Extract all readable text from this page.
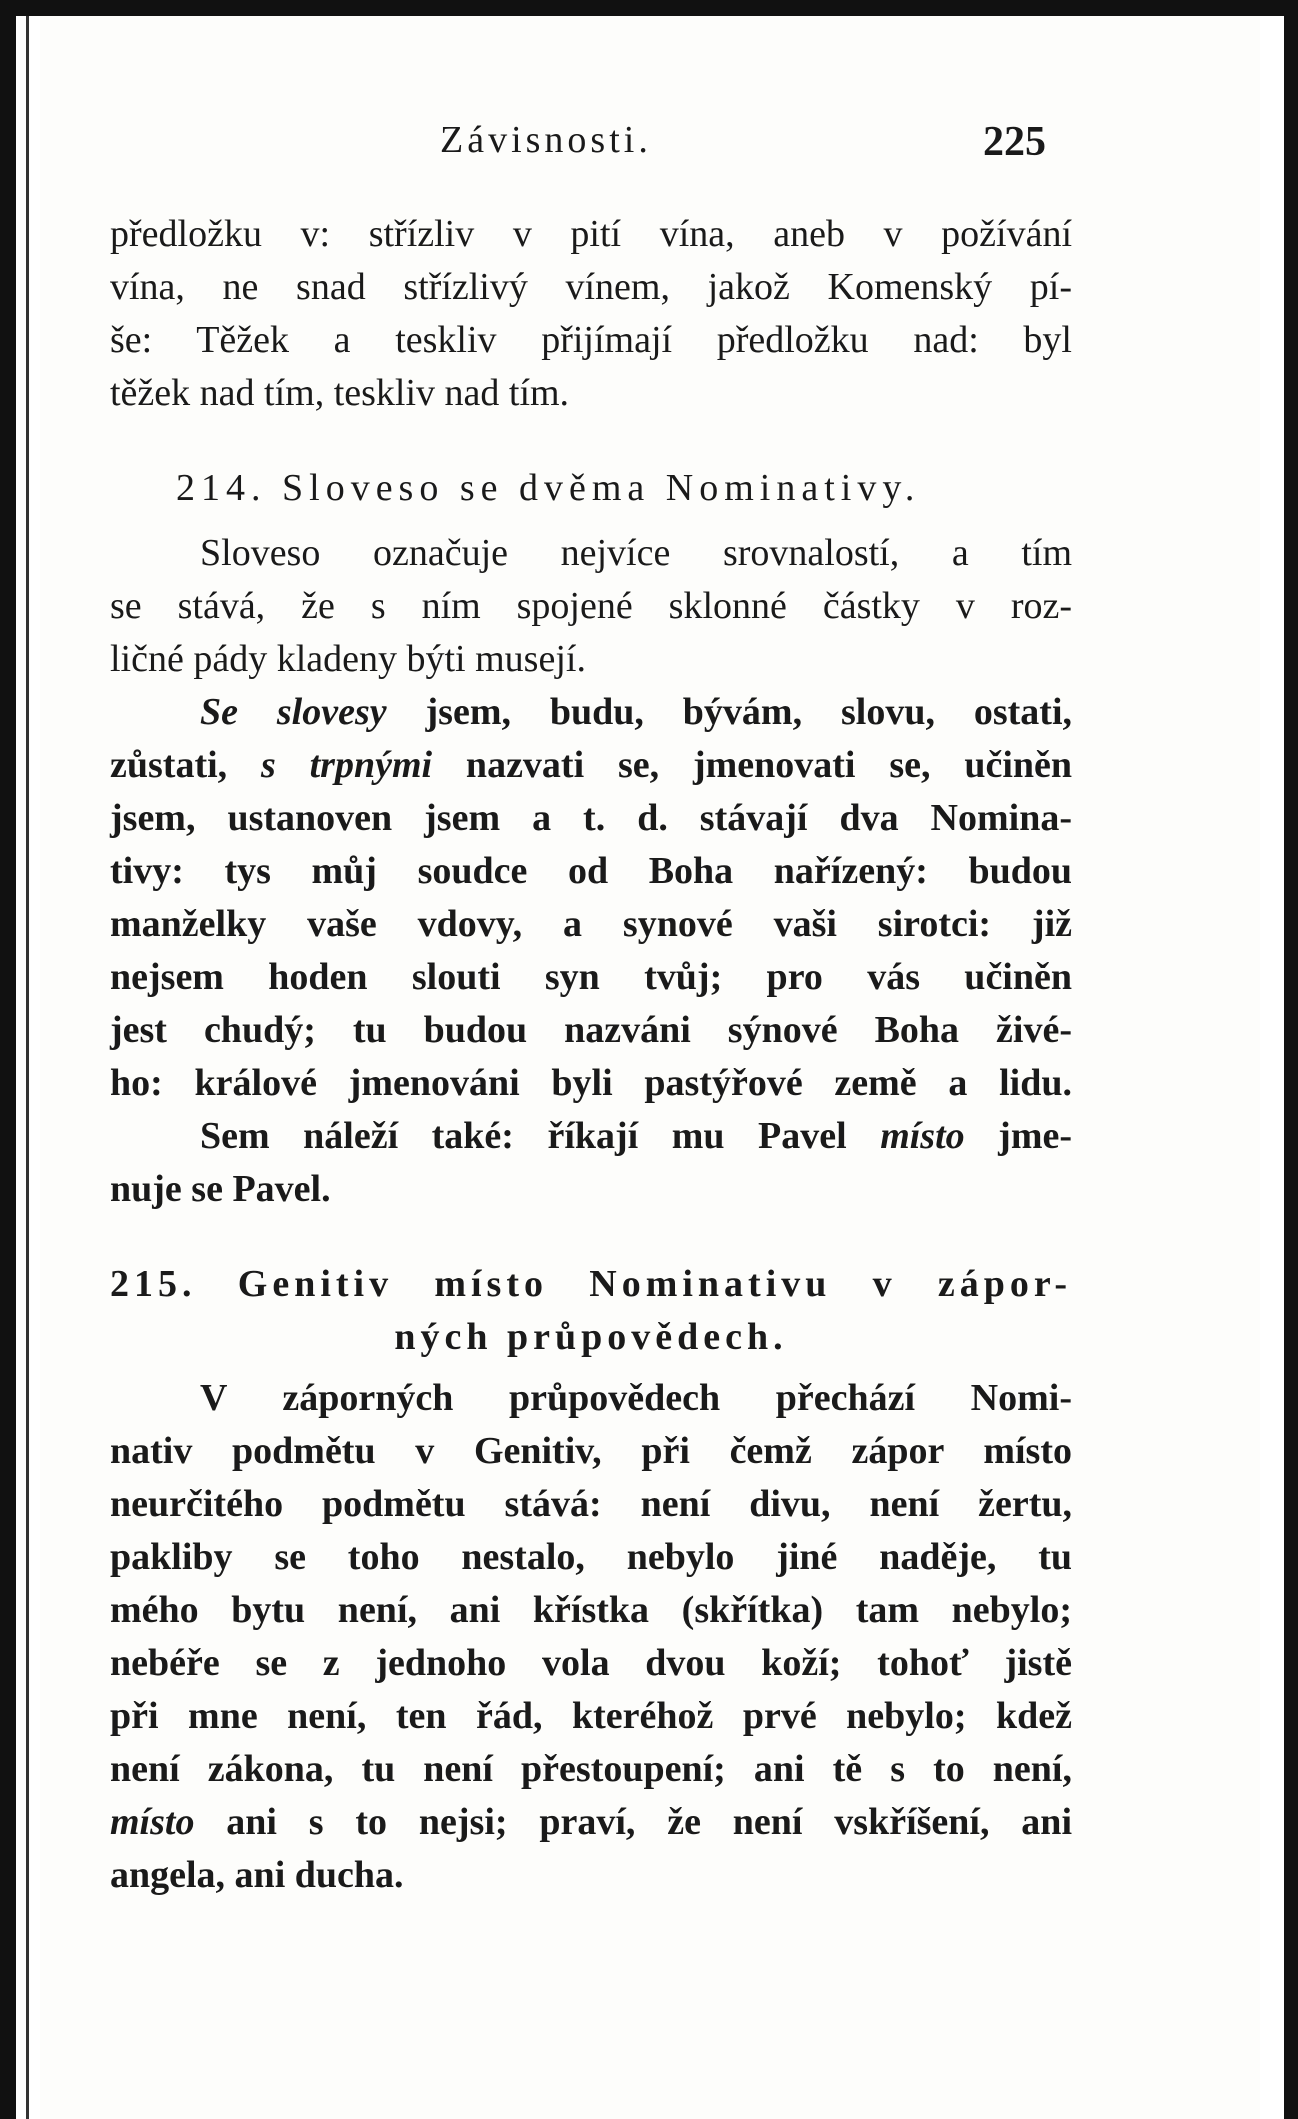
Závisnosti.	225
předložku v: střízliv v pití vína, aneb v požívání
vína, ne snad střízlivý vínem, jakož Komenský pí-
še: Těžek a teskliv přijímají předložku nad: byl
těžek nad tím, teskliv nad tím.
214. Sloveso se dvěma Nominativy.
Sloveso označuje nejvíce srovnalostí, a tím
se stává, že s ním spojené sklonné částky v roz-
ličné pády kladeny býti musejí.
Se slovesy jsem, budu, bývám, slovu, ostati,
zůstati, s trpnými nazvati se, jmenovati se, učiněn
jsem, ustanoven jsem a t. d. stávají dva Nomina-
tivy: tys můj soudce od Boha nařízený: budou
manželky vaše vdovy, a synové vaši sirotci: již
nejsem hoden slouti syn tvůj; pro vás učiněn
jest chudý; tu budou nazváni sýnové Boha živé-
ho: králové jmenováni byli pastýřové země a lidu.
Sem náleží také: říkají mu Pavel místo jme-
nuje se Pavel.
215. Genitiv místo Nominativu v zápor-
ných průpovědech.
V záporných průpovědech přechází Nomi-
nativ podmětu v Genitiv, při čemž zápor místo
neurčitého podmětu stává: není divu, není žertu,
pakliby se toho nestalo, nebylo jiné naděje, tu
mého bytu není, ani křístka (skřítka) tam nebylo;
nebéře se z jednoho vola dvou koží; tohoť jistě
při mne není, ten řád, kteréhož prvé nebylo; kdež
není zákona, tu není přestoupení; ani tě s to není,
místo ani s to nejsi; praví, že není vskříšení, ani
angela, ani ducha.
